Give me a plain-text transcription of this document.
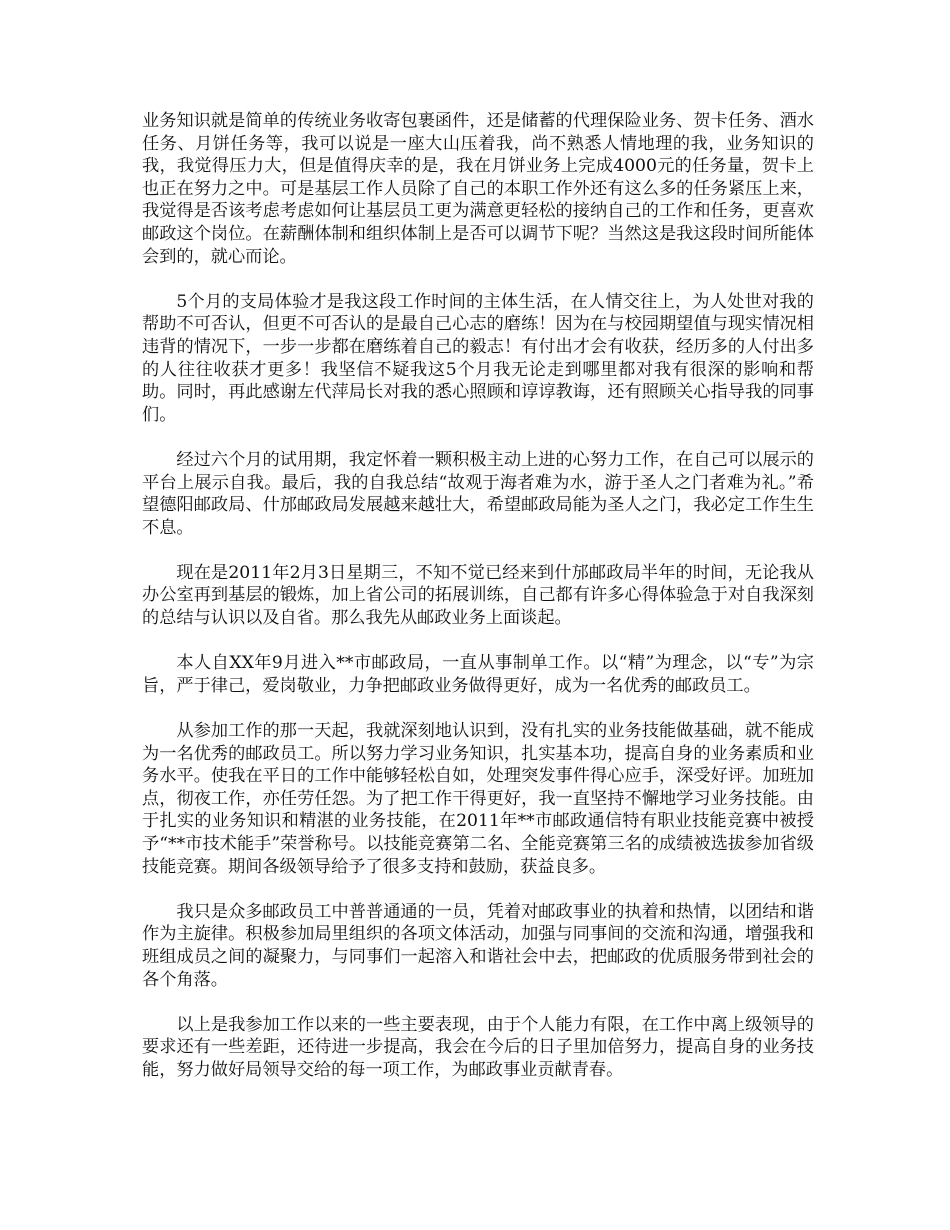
业务知识就是简单的传统业务收寄包裹函件，还是储蓄的代理保险业务、贺卡任务、酒水任务、月饼任务等，我可以说是一座大山压着我，尚不熟悉人情地理的我，业务知识的我，我觉得压力大，但是值得庆幸的是，我在月饼业务上完成4000元的任务量，贺卡上也正在努力之中。可是基层工作人员除了自己的本职工作外还有这么多的任务紧压上来，我觉得是否该考虑考虑如何让基层员工更为满意更轻松的接纳自己的工作和任务，更喜欢邮政这个岗位。在薪酬体制和组织体制上是否可以调节下呢？当然这是我这段时间所能体会到的，就心而论。

5个月的支局体验才是我这段工作时间的主体生活，在人情交往上，为人处世对我的帮助不可否认，但更不可否认的是最自己心志的磨练！因为在与校园期望值与现实情况相违背的情况下，一步一步都在磨练着自己的毅志！有付出才会有收获，经历多的人付出多的人往往收获才更多！我坚信不疑我这5个月我无论走到哪里都对我有很深的影响和帮助。同时，再此感谢左代萍局长对我的悉心照顾和谆谆教诲，还有照顾关心指导我的同事们。

经过六个月的试用期，我定怀着一颗积极主动上进的心努力工作，在自己可以展示的平台上展示自我。最后，我的自我总结“故观于海者难为水，游于圣人之门者难为礼。”希望德阳邮政局、什邡邮政局发展越来越壮大，希望邮政局能为圣人之门，我必定工作生生不息。

现在是2011年2月3日星期三，不知不觉已经来到什邡邮政局半年的时间，无论我从办公室再到基层的锻炼，加上省公司的拓展训练，自己都有许多心得体验急于对自我深刻的总结与认识以及自省。那么我先从邮政业务上面谈起。

本人自XX年9月进入**市邮政局，一直从事制单工作。以“精”为理念，以“专”为宗旨，严于律己，爱岗敬业，力争把邮政业务做得更好，成为一名优秀的邮政员工。

从参加工作的那一天起，我就深刻地认识到，没有扎实的业务技能做基础，就不能成为一名优秀的邮政员工。所以努力学习业务知识，扎实基本功，提高自身的业务素质和业务水平。使我在平日的工作中能够轻松自如，处理突发事件得心应手，深受好评。加班加点，彻夜工作，亦任劳任怨。为了把工作干得更好，我一直坚持不懈地学习业务技能。由于扎实的业务知识和精湛的业务技能，在2011年**市邮政通信特有职业技能竞赛中被授予“**市技术能手”荣誉称号。以技能竞赛第二名、全能竞赛第三名的成绩被选拔参加省级技能竞赛。期间各级领导给予了很多支持和鼓励，获益良多。

我只是众多邮政员工中普普通通的一员，凭着对邮政事业的执着和热情，以团结和谐作为主旋律。积极参加局里组织的各项文体活动，加强与同事间的交流和沟通，增强我和班组成员之间的凝聚力，与同事们一起溶入和谐社会中去，把邮政的优质服务带到社会的各个角落。

以上是我参加工作以来的一些主要表现，由于个人能力有限，在工作中离上级领导的要求还有一些差距，还待进一步提高，我会在今后的日子里加倍努力，提高自身的业务技能，努力做好局领导交给的每一项工作，为邮政事业贡献青春。
